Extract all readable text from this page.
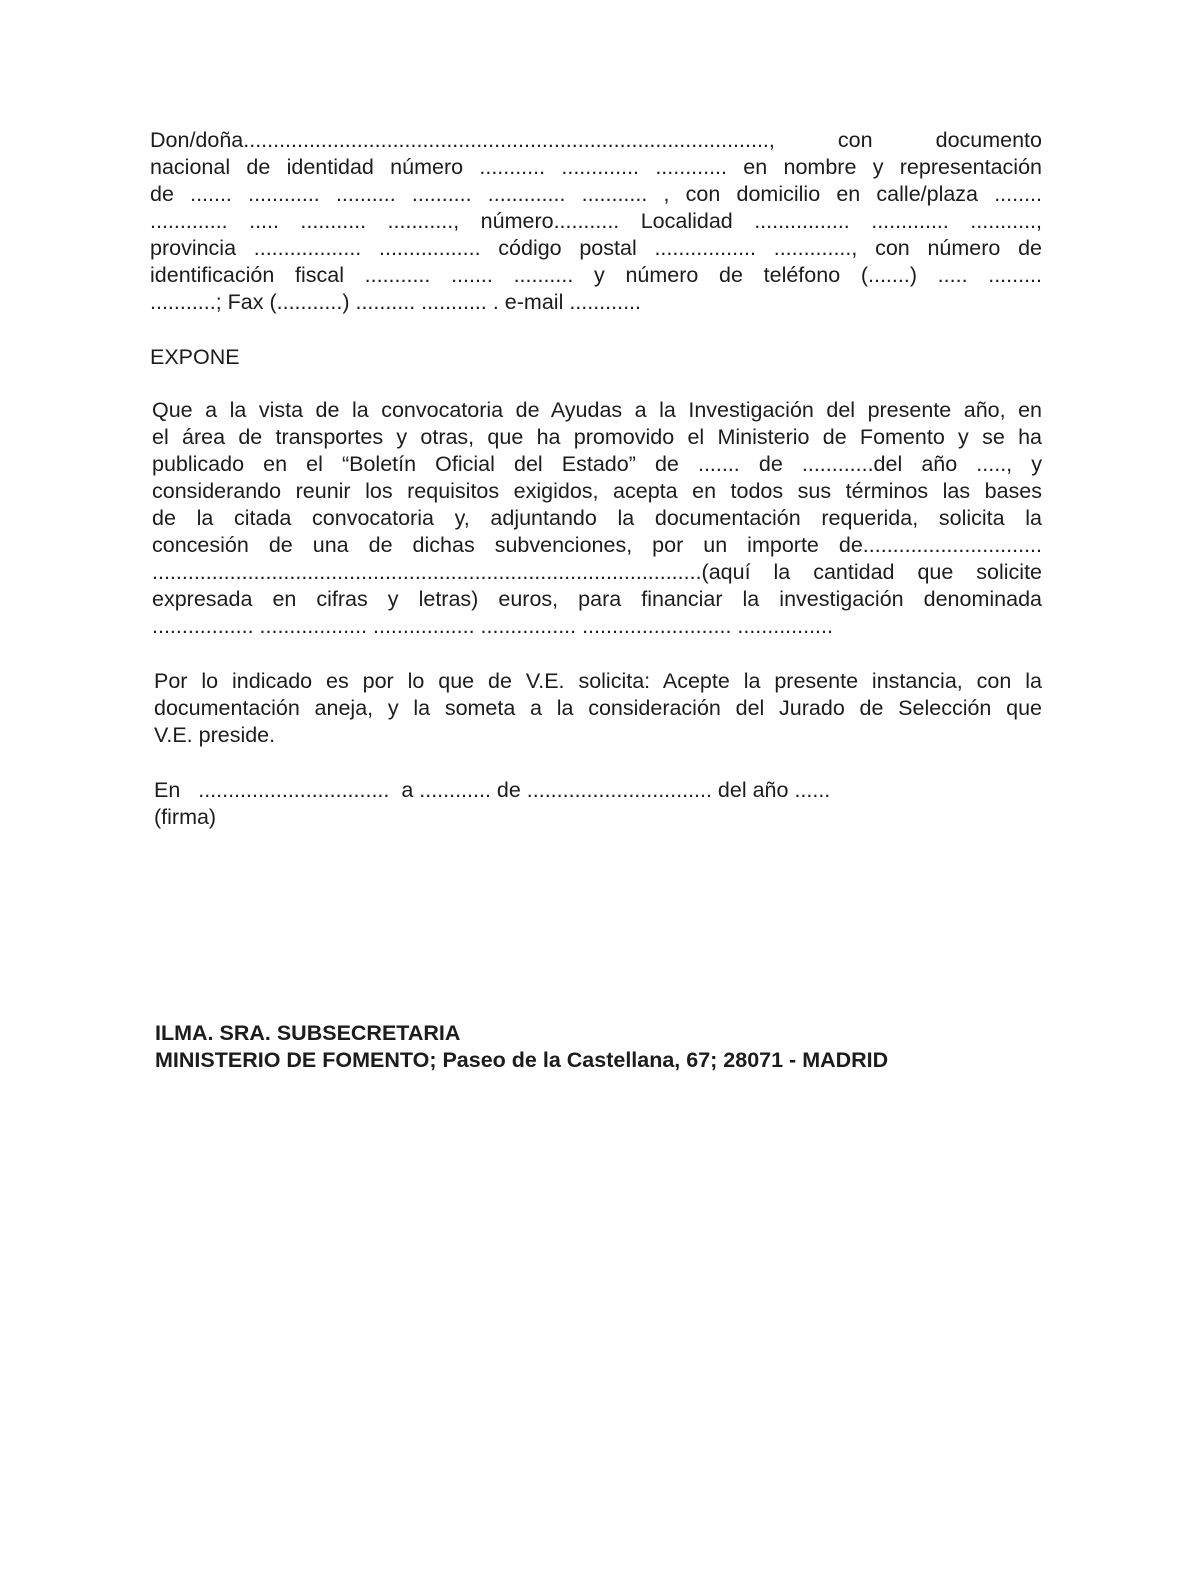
Don/doña........................................................................................, con documento
nacional de identidad número ........... ............. ............ en nombre y representación
de ....... ............ .......... .......... ............. ........... , con domicilio en calle/plaza ........
............. ..... ........... ..........., número........... Localidad ................ ............. ...........,
provincia .................. ................. código postal ................. ............., con número de
identificación fiscal ........... ....... .......... y número de teléfono (.......) ..... .........
...........; Fax (...........) .......... ........... . e-mail ............
EXPONE
Que a la vista de la convocatoria de Ayudas a la Investigación del presente año, en
el área de transportes y otras, que ha promovido el Ministerio de Fomento y se ha
publicado en el “Boletín Oficial del Estado” de ....... de ............del año ....., y
considerando reunir los requisitos exigidos, acepta en todos sus términos las bases
de la citada convocatoria y, adjuntando la documentación requerida, solicita la
concesión de una de dichas subvenciones, por un importe de..............................
............................................................................................(aquí la cantidad que solicite
expresada en cifras y letras) euros, para financiar la investigación denominada
................. .................. ................. ................ ......................... ................
Por lo indicado es por lo que de V.E. solicita: Acepte la presente instancia, con la
documentación aneja, y la someta a la consideración del Jurado de Selección que
V.E. preside.
En   ................................  a ............ de ............................... del año ......
(firma)
ILMA. SRA. SUBSECRETARIA
MINISTERIO DE FOMENTO; Paseo de la Castellana, 67; 28071 - MADRID
